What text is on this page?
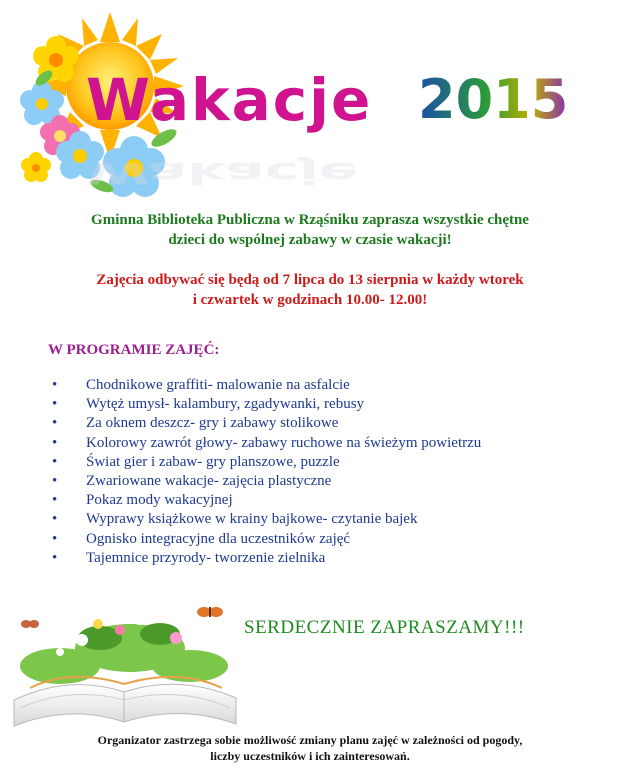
Wakacje 2015
Wakacje
Gminna Biblioteka Publiczna w Rząśniku zaprasza wszystkie chętne
dzieci do wspólnej zabawy w czasie wakacji!

Zajęcia odbywać się będą od 7 lipca do 13 sierpnia w każdy wtorek
i czwartek w godzinach 10.00- 12.00!
W PROGRAMIE ZAJĘĆ:
• Chodnikowe graffiti- malowanie na asfalcie
• Wytęż umysł- kalambury, zgadywanki, rebusy
• Za oknem deszcz- gry i zabawy stolikowe
• Kolorowy zawrót głowy- zabawy ruchowe na świeżym powietrzu
• Świat gier i zabaw- gry planszowe, puzzle
• Zwariowane wakacje- zajęcia plastyczne
• Pokaz mody wakacyjnej
• Wyprawy książkowe w krainy bajkowe- czytanie bajek
• Ognisko integracyjne dla uczestników zajęć
• Tajemnice przyrody- tworzenie zielnika
SERDECZNIE ZAPRASZAMY!!!
Organizator zastrzega sobie możliwość zmiany planu zajęć w zależności od pogody,
liczby uczestników i ich zainteresowań.
